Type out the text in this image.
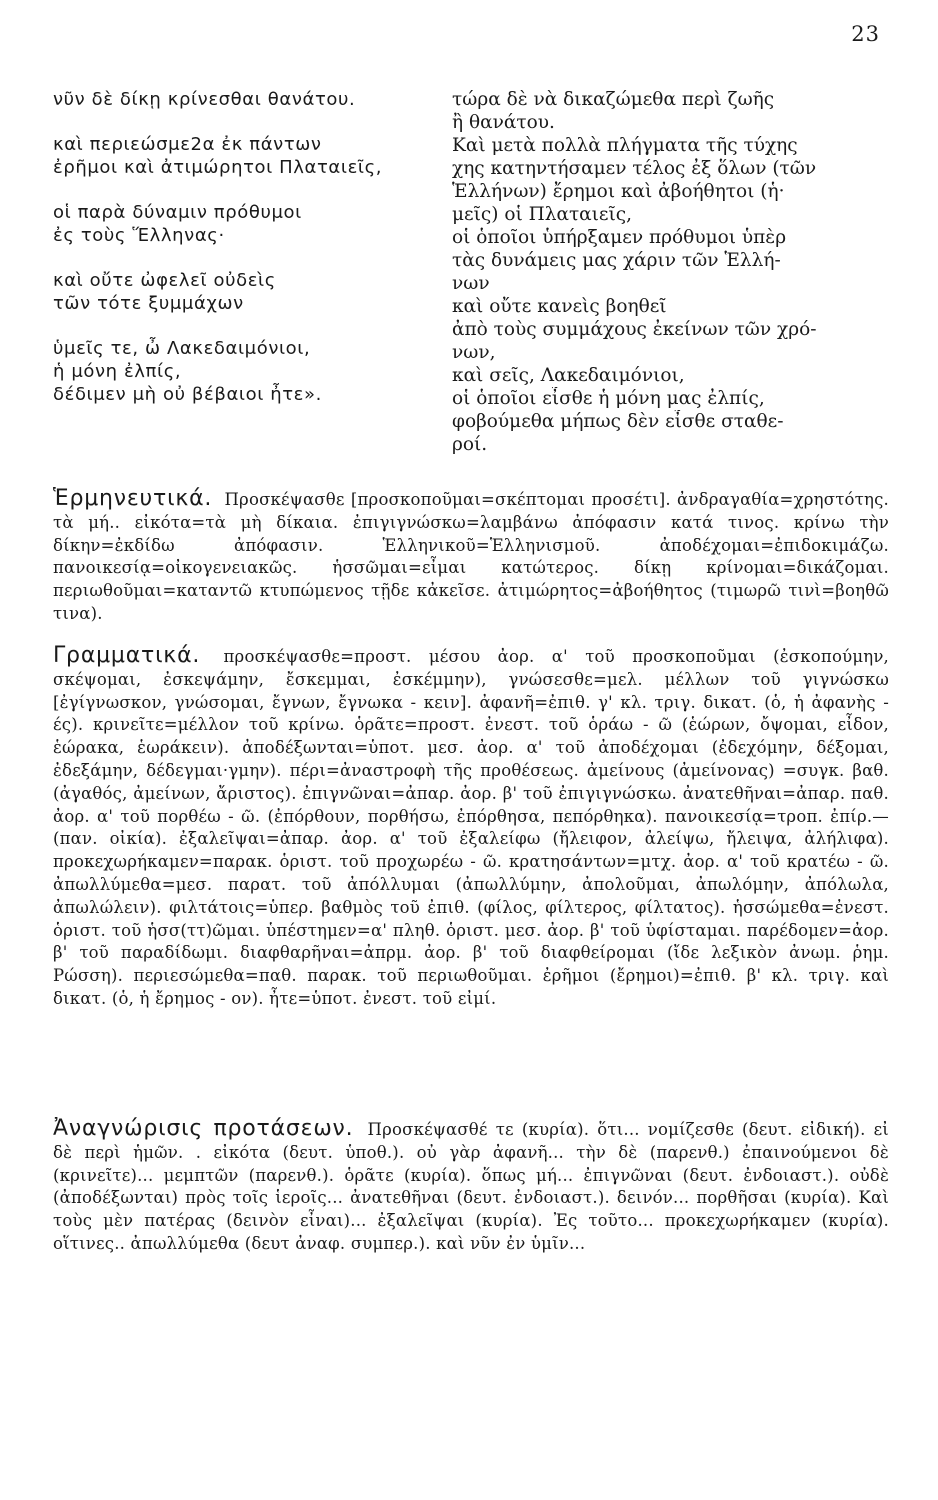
23
νῦν δὲ δίκῃ κρίνεσθαι θανάτου.
καὶ περιεώσμε2α ἐκ πάντων
ἐρῆμοι καὶ ἀτιμώρητοι Πλαταιεῖς,
οἱ παρὰ δύναμιν πρόθυμοι
ἐς τοὺς Ἕλληνας·
καὶ οὔτε ὠφελεῖ οὐδεὶς
τῶν τότε ξυμμάχων
ὑμεῖς τε, ὦ Λακεδαιμόνιοι,
ἡ μόνη ἐλπίς,
δέδιμεν μὴ οὐ βέβαιοι ἦτε».
τώρα δὲ νὰ δικαζώμεθα περὶ ζωῆς
ἢ θανάτου.
Καὶ μετὰ πολλὰ πλήγματα τῆς τύχης
χης κατηντήσαμεν τέλος ἐξ ὅλων (τῶν
Ἑλλήνων) ἔρημοι καὶ ἀβοήθητοι (ἡ·
μεῖς) οἱ Πλαταιεῖς,
οἱ ὁποῖοι ὑπήρξαμεν πρόθυμοι ὑπὲρ
τὰς δυνάμεις μας χάριν τῶν Ἑλλή-
νων
καὶ οὔτε κανεὶς βοηθεῖ
ἀπὸ τοὺς συμμάχους ἐκείνων τῶν χρό-
νων,
καὶ σεῖς, Λακεδαιμόνιοι,
οἱ ὁποῖοι εἶσθε ἡ μόνη μας ἐλπίς,
φοβούμεθα μήπως δὲν εἶσθε σταθε-
ροί.
Ἑρμηνευτικά. Προσκέψασθε [προσκοποῦμαι=σκέπτομαι προσέτι]. ἀνδραγαθία=χρηστότης. τὰ μή.. εἰκότα=τὰ μὴ δίκαια. ἐπιγιγνώσκω=λαμβάνω ἀπόφασιν κατά τινος. κρίνω τὴν δίκην=ἐκδίδω ἀπόφασιν. Ἑλληνικοῦ=Ἑλληνισμοῦ. ἀποδέχομαι=ἐπιδοκιμάζω. πανοικεσίᾳ=οἰκογενειακῶς. ἡσσῶμαι=εἶμαι κατώτερος. δίκῃ κρίνομαι=δικάζομαι. περιωθοῦμαι=καταντῶ κτυπώμενος τῇδε κἀκεῖσε. ἀτιμώρητος=ἀβοήθητος (τιμωρῶ τινὶ=βοηθῶ τινα).
Γραμματικά. προσκέψασθε=προστ. μέσου ἀορ. α' τοῦ προσκοποῦμαι (ἐσκοπούμην, σκέψομαι, ἐσκεψάμην, ἔσκεμμαι, ἐσκέμμην), γνώσεσθε=μελ. μέλλων τοῦ γιγνώσκω [ἐγίγνωσκον, γνώσομαι, ἔγνων, ἔγνωκα - κειν]. ἀφανῆ=ἐπιθ. γ' κλ. τριγ. δικατ. (ὁ, ἡ ἀφανὴς - ές). κρινεῖτε=μέλλον τοῦ κρίνω. ὁρᾶτε=προστ. ἐνεστ. τοῦ ὁράω - ῶ (ἑώρων, ὄψομαι, εἶδον, ἑώρακα, ἑωράκειν). ἀποδέξωνται=ὑποτ. μεσ. ἀορ. α' τοῦ ἀποδέχομαι (ἐδεχόμην, δέξομαι, ἐδεξάμην, δέδεγμαι·γμην). πέρι=ἀναστροφὴ τῆς προθέσεως. ἀμείνους (ἀμείνονας) =συγκ. βαθ. (ἀγαθός, ἀμείνων, ἄριστος). ἐπιγνῶναι=ἀπαρ. ἀορ. β' τοῦ ἐπιγιγνώσκω. ἀνατεθῆναι=ἀπαρ. παθ. ἀορ. α' τοῦ πορθέω - ῶ. (ἐπόρθουν, πορθήσω, ἐπόρθησα, πεπόρθηκα). πανοικεσίᾳ=τροπ. ἐπίρ.—(παν. οἰκία). ἐξαλεῖψαι=ἀπαρ. ἀορ. α' τοῦ ἐξαλείφω (ἤλειφον, ἀλείψω, ἤλειψα, ἀλήλιφα). προκεχωρήκαμεν=παρακ. ὁριστ. τοῦ προχωρέω - ῶ. κρατησάντων=μτχ. ἀορ. α' τοῦ κρατέω - ῶ. ἀπωλλύμεθα=μεσ. παρατ. τοῦ ἀπόλλυμαι (ἀπωλλύμην, ἀπολοῦμαι, ἀπωλόμην, ἀπόλωλα, ἀπωλώλειν). φιλτάτοις=ὑπερ. βαθμὸς τοῦ ἐπιθ. (φίλος, φίλτερος, φίλτατος). ἡσσώμεθα=ἐνεστ. ὁριστ. τοῦ ἡσσ(ττ)ῶμαι. ὑπέστημεν=α' πληθ. ὁριστ. μεσ. ἀορ. β' τοῦ ὑφίσταμαι. παρέδομεν=ἀορ. β' τοῦ παραδίδωμι. διαφθαρῆναι=ἀπρμ. ἀορ. β' τοῦ διαφθείρομαι (ἴδε λεξικὸν ἀνωμ. ῥημ. Ρώσση). περιεσώμεθα=παθ. παρακ. τοῦ περιωθοῦμαι. ἐρῆμοι (ἔρημοι)=ἐπιθ. β' κλ. τριγ. καὶ δικατ. (ὁ, ἡ ἔρημος - ον). ἦτε=ὑποτ. ἐνεστ. τοῦ εἰμί.
Ἀναγνώρισις προτάσεων. Προσκέψασθέ τε (κυρία). ὅτι... νομίζεσθε (δευτ. εἰδική). εἰ δὲ περὶ ἡμῶν. . εἰκότα (δευτ. ὑποθ.). οὐ γὰρ ἀφανῆ... τὴν δὲ (παρενθ.) ἐπαινούμενοι δὲ (κρινεῖτε)... μεμπτῶν (παρενθ.). ὁρᾶτε (κυρία). ὅπως μή... ἐπιγνῶναι (δευτ. ἐνδοιαστ.). οὐδὲ (ἀποδέξωνται) πρὸς τοῖς ἱεροῖς... ἀνατεθῆναι (δευτ. ἐνδοιαστ.). δεινόν... πορθῆσαι (κυρία). Καὶ τοὺς μὲν πατέρας (δεινὸν εἶναι)... ἐξαλεῖψαι (κυρία). Ἐς τοῦτο... προκεχωρήκαμεν (κυρία). οἵτινες.. ἀπωλλύμεθα (δευτ ἀναφ. συμπερ.). καὶ νῦν ἐν ὑμῖν...
